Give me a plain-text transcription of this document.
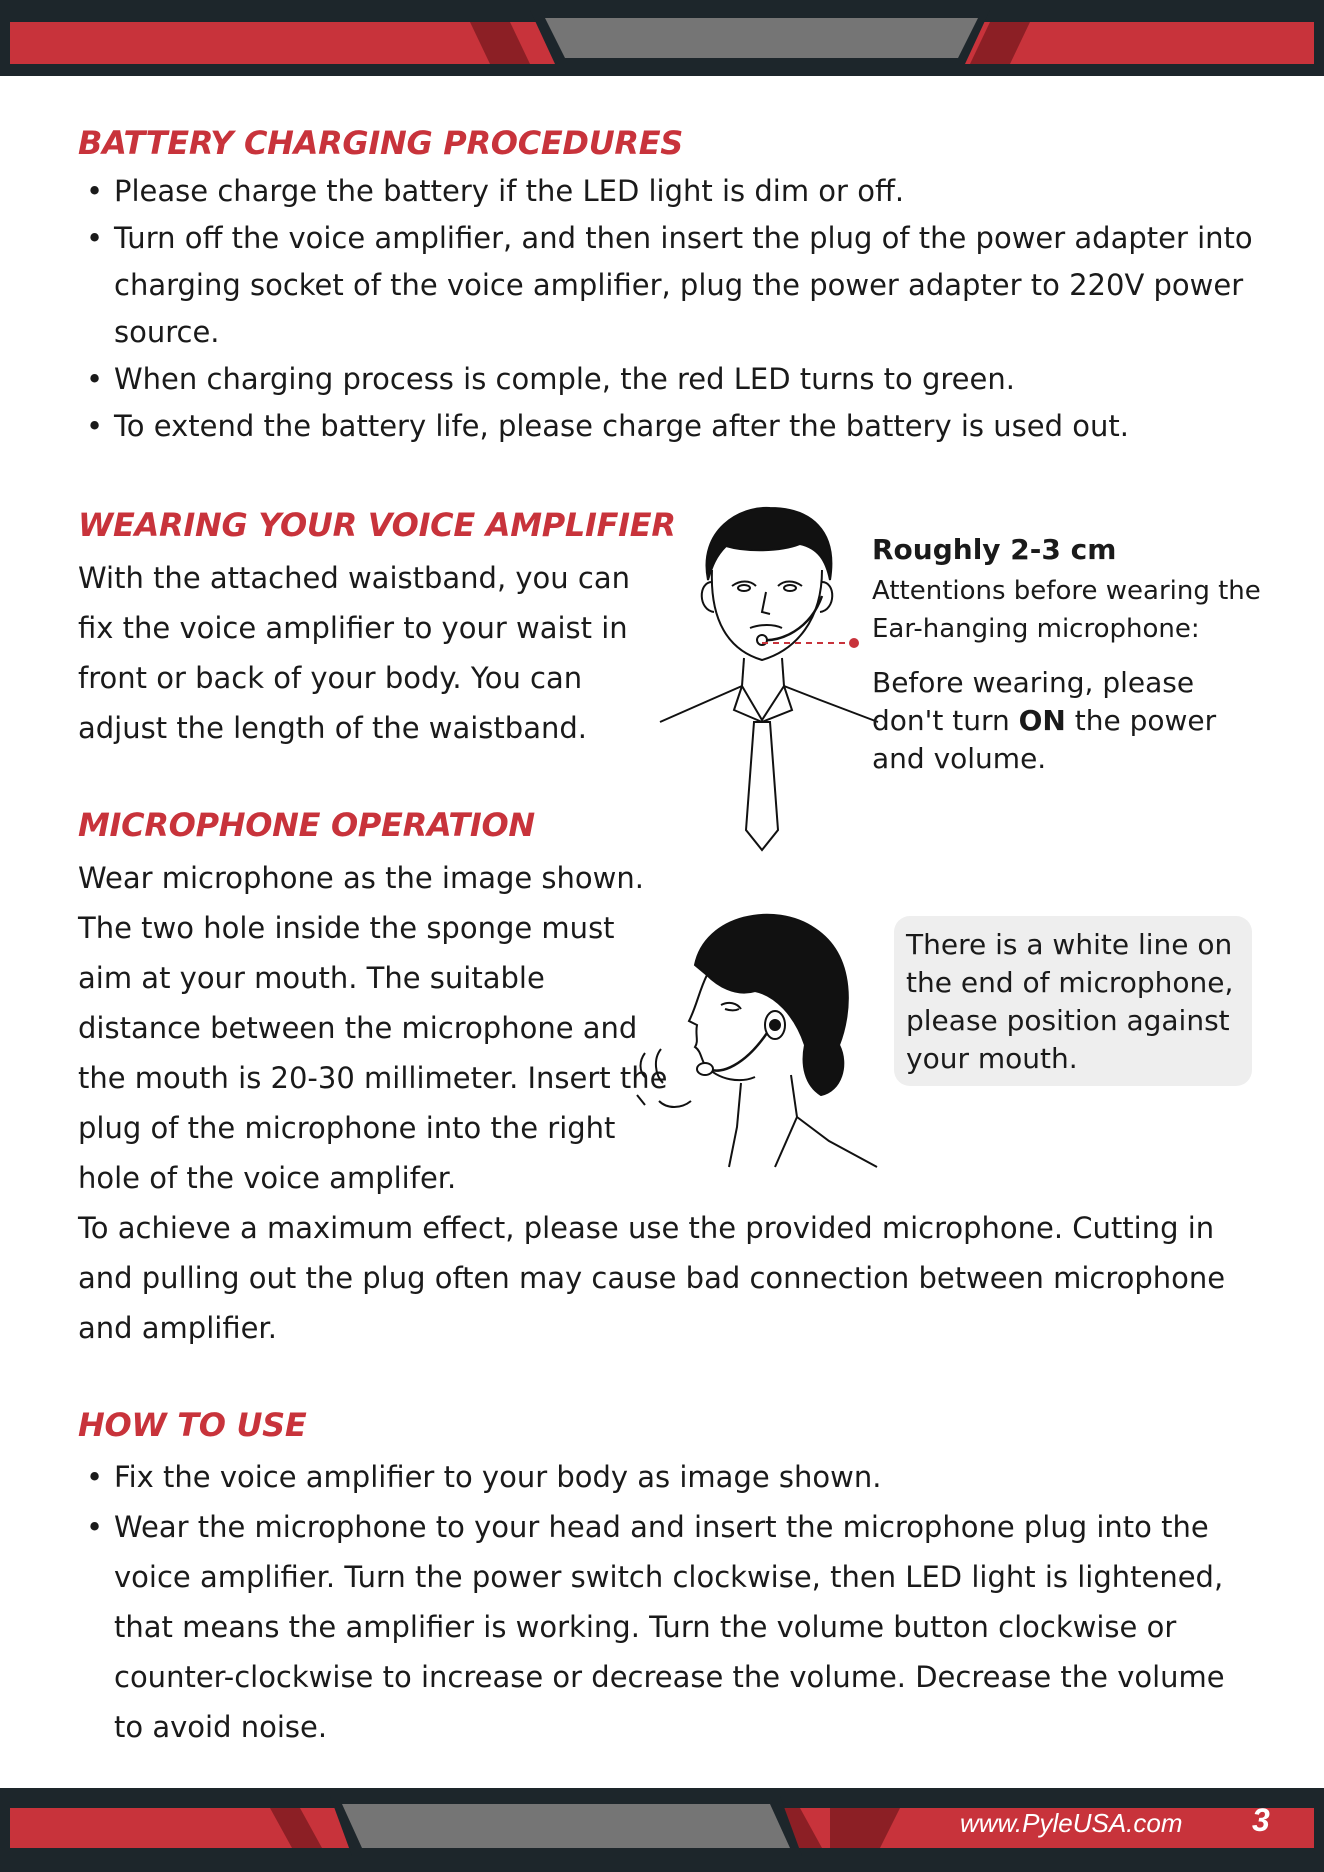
BATTERY CHARGING PROCEDURES
• Please charge the battery if the LED light is dim or off.
• Turn off the voice amplifier, and then insert the plug of the power adapter into charging socket of the voice amplifier, plug the power adapter to 220V power source.
• When charging process is comple, the red LED turns to green.
• To extend the battery life, please charge after the battery is used out.
WEARING YOUR VOICE AMPLIFIER

With the attached waistband, you can fix the voice amplifier to your waist in front or back of your body. You can adjust the length of the waistband.

Roughly 2-3 cm

Attentions before wearing the Ear-hanging microphone:

Before wearing, please don't turn ON the power and volume.

MICROPHONE OPERATION

Wear microphone as the image shown. The two hole inside the sponge must aim at your mouth. The suitable distance between the microphone and the mouth is 20-30 millimeter. Insert the plug of the microphone into the right hole of the voice amplifer.

There is a white line on the end of microphone, please position against your mouth.

To achieve a maximum effect, please use the provided microphone. Cutting in and pulling out the plug often may cause bad connection between microphone and amplifier.

HOW TO USE
• Fix the voice amplifier to your body as image shown.
• Wear the microphone to your head and insert the microphone plug into the voice amplifier. Turn the power switch clockwise, then LED light is lightened, that means the amplifier is working. Turn the volume button clockwise or counter-clockwise to increase or decrease the volume. Decrease the volume to avoid noise.
www.PyleUSA.com 3
